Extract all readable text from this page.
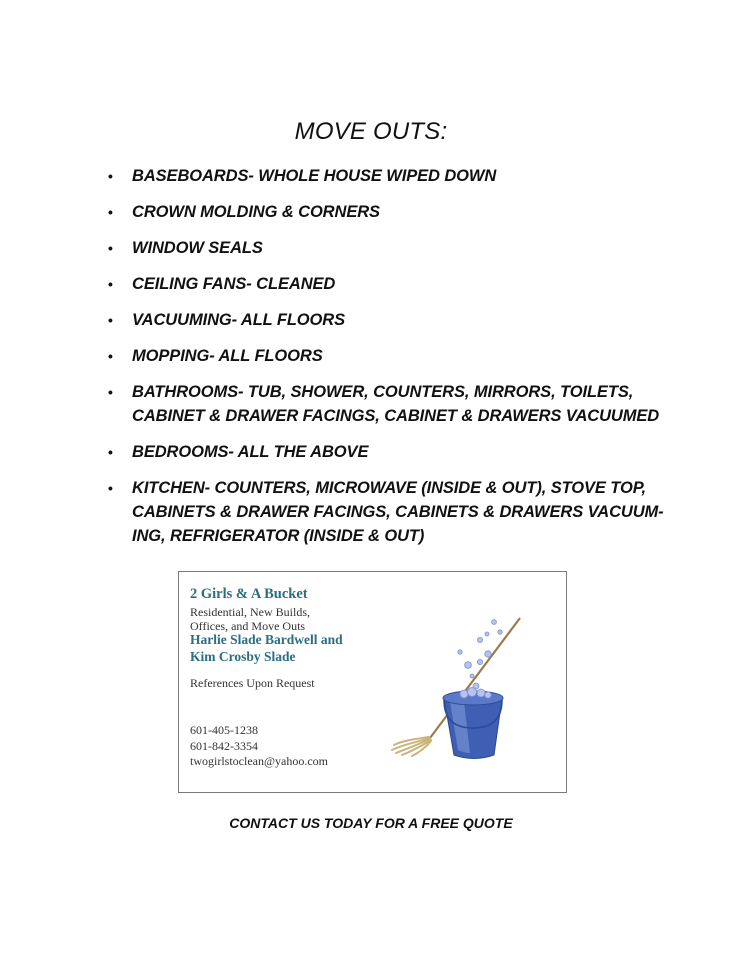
MOVE OUTS:
• BASEBOARDS- WHOLE HOUSE WIPED DOWN
• CROWN MOLDING & CORNERS
• WINDOW SEALS
• CEILING FANS- CLEANED
• VACUUMING- ALL FLOORS
• MOPPING- ALL FLOORS
• BATHROOMS- TUB, SHOWER, COUNTERS, MIRRORS, TOILETS, CABINET & DRAWER FACINGS, CABINET & DRAWERS VACUUMED
• BEDROOMS- ALL THE ABOVE
• KITCHEN- COUNTERS, MICROWAVE (INSIDE & OUT), STOVE TOP, CABINETS & DRAWER FACINGS, CABINETS & DRAWERS VACUUM-ING, REFRIGERATOR (INSIDE & OUT)
2 Girls & A Bucket
Residential, New Builds,
Offices, and Move Outs
Harlie Slade Bardwell and
Kim Crosby Slade
References Upon Request
601-405-1238
601-842-3354
twogirlstoclean@yahoo.com
CONTACT US TODAY FOR A FREE QUOTE
